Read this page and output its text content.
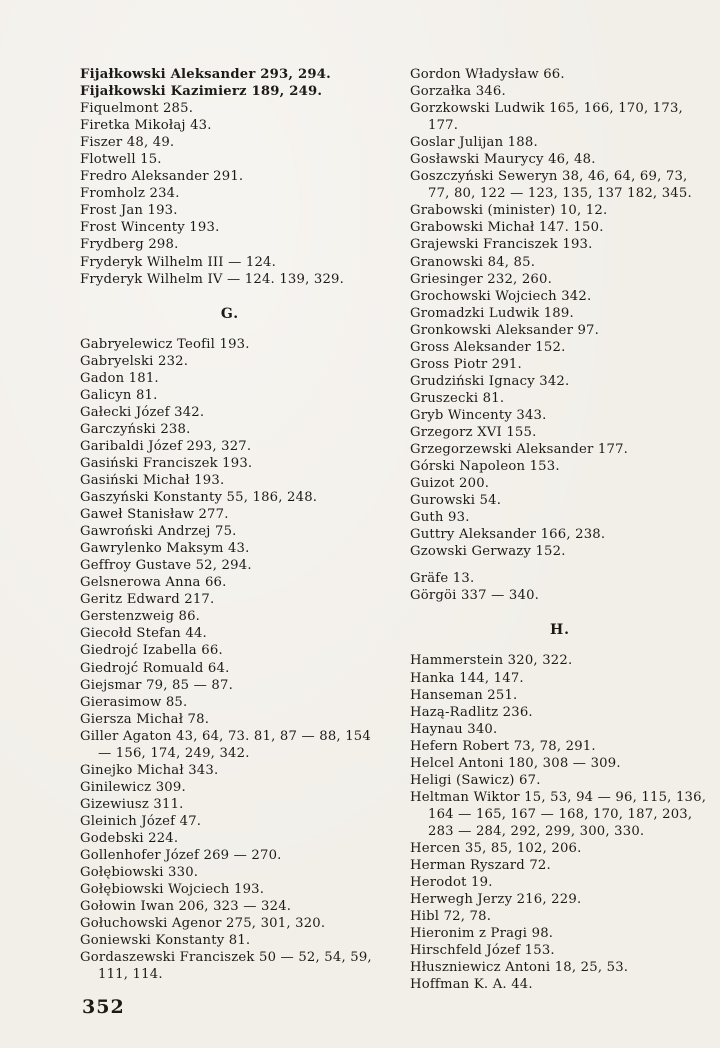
Fijałkowski Aleksander 293, 294.
Fijałkowski Kazimierz 189, 249.
Fiquelmont 285.
Firetka Mikołaj 43.
Fiszer 48, 49.
Flotwell 15.
Fredro Aleksander 291.
Fromholz 234.
Frost Jan 193.
Frost Wincenty 193.
Frydberg 298.
Fryderyk Wilhelm III — 124.
Fryderyk Wilhelm IV — 124. 139, 329.
G.
Gabryelewicz Teofil 193.
Gabryelski 232.
Gadon 181.
Galicyn 81.
Gałecki Józef 342.
Garczyński 238.
Garibaldi Józef 293, 327.
Gasiński Franciszek 193.
Gasiński Michał 193.
Gaszyński Konstanty 55, 186, 248.
Gaweł Stanisław 277.
Gawroński Andrzej 75.
Gawrylenko Maksym 43.
Geffroy Gustave 52, 294.
Gelsnerowa Anna 66.
Geritz Edward 217.
Gerstenzweig 86.
Giecołd Stefan 44.
Giedrojć Izabella 66.
Giedrojć Romuald 64.
Giejsmar 79, 85 — 87.
Gierasimow 85.
Giersza Michał 78.
Giller Agaton 43, 64, 73. 81, 87 — 88, 154 — 156, 174, 249, 342.
Ginejko Michał 343.
Ginilewicz 309.
Gizewiusz 311.
Gleinich Józef 47.
Godebski 224.
Gollenhofer Józef 269 — 270.
Gołębiowski 330.
Gołębiowski Wojciech 193.
Gołowin Iwan 206, 323 — 324.
Gołuchowski Agenor 275, 301, 320.
Goniewski Konstanty 81.
Gordaszewski Franciszek 50 — 52, 54, 59, 111, 114.
Gordon Władysław 66.
Gorzałka 346.
Gorzkowski Ludwik 165, 166, 170, 173, 177.
Goslar Julijan 188.
Gosławski Maurycy 46, 48.
Goszczyński Seweryn 38, 46, 64, 69, 73, 77, 80, 122 — 123, 135, 137 182, 345.
Grabowski (minister) 10, 12.
Grabowski Michał 147. 150.
Grajewski Franciszek 193.
Granowski 84, 85.
Griesinger 232, 260.
Grochowski Wojciech 342.
Gromadzki Ludwik 189.
Gronkowski Aleksander 97.
Gross Aleksander 152.
Gross Piotr 291.
Grudziński Ignacy 342.
Gruszecki 81.
Gryb Wincenty 343.
Grzegorz XVI 155.
Grzegorzewski Aleksander 177.
Górski Napoleon 153.
Guizot 200.
Gurowski 54.
Guth 93.
Guttry Aleksander 166, 238.
Gzowski Gerwazy 152.
Gräfe 13.
Görgöi 337 — 340.
H.
Hammerstein 320, 322.
Hanka 144, 147.
Hanseman 251.
Hazą-Radlitz 236.
Haynau 340.
Hefern Robert 73, 78, 291.
Helcel Antoni 180, 308 — 309.
Heligi (Sawicz) 67.
Heltman Wiktor 15, 53, 94 — 96, 115, 136, 164 — 165, 167 — 168, 170, 187, 203, 283 — 284, 292, 299, 300, 330.
Hercen 35, 85, 102, 206.
Herman Ryszard 72.
Herodot 19.
Herwegh Jerzy 216, 229.
Hibl 72, 78.
Hieronim z Pragi 98.
Hirschfeld Józef 153.
Hłuszniewicz Antoni 18, 25, 53.
Hoffman K. A. 44.
352
